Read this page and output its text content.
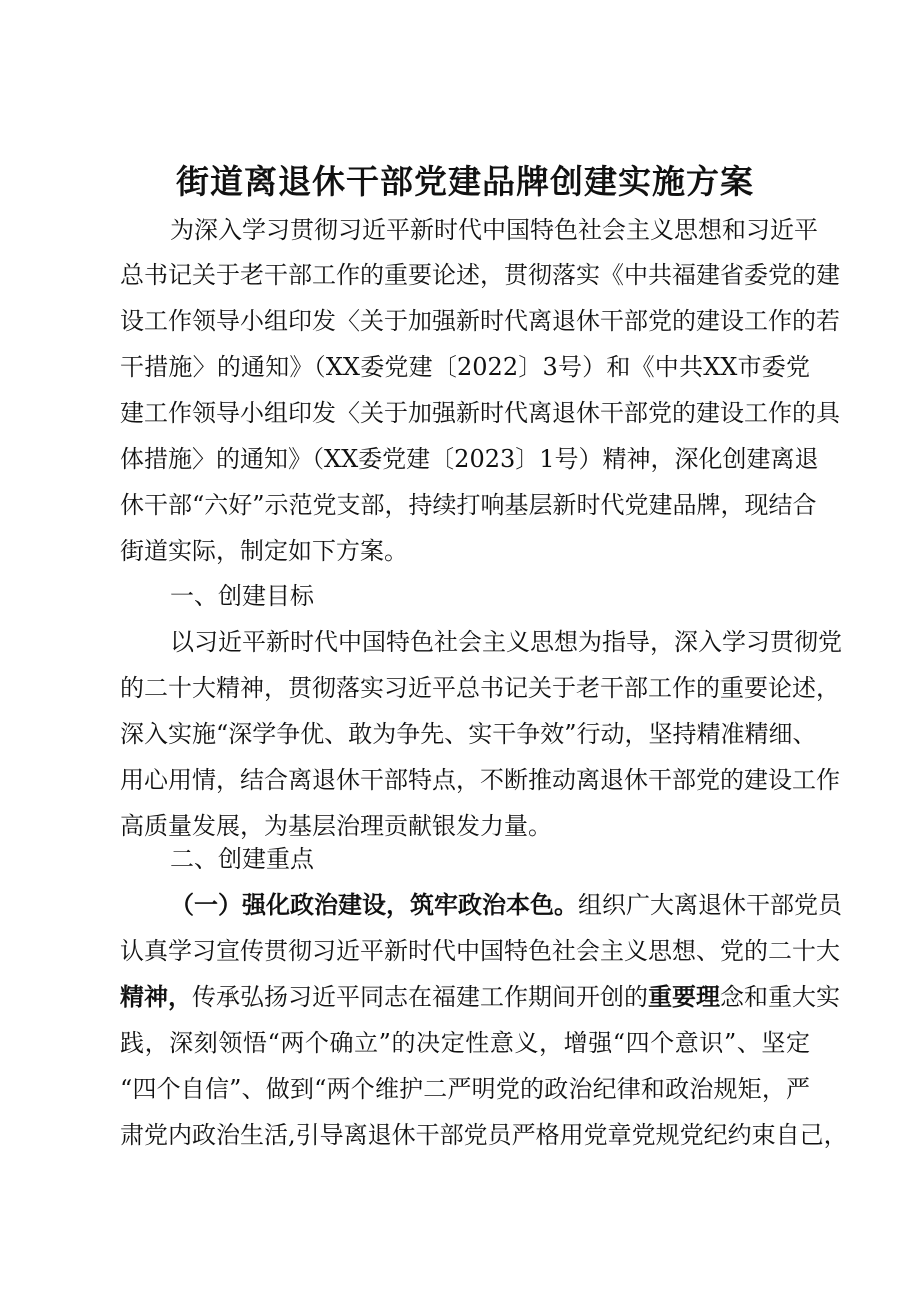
街道离退休干部党建品牌创建实施方案
为深入学习贯彻习近平新时代中国特色社会主义思想和习近平
总书记关于老干部工作的重要论述，贯彻落实《中共福建省委党的建
设工作领导小组印发〈关于加强新时代离退休干部党的建设工作的若
干措施〉的通知》（XX委党建〔2022〕3号）和《中共XX市委党
建工作领导小组印发〈关于加强新时代离退休干部党的建设工作的具
体措施〉的通知》（XX委党建〔2023〕1号）精神，深化创建离退
休干部“六好”示范党支部，持续打响基层新时代党建品牌，现结合
街道实际，制定如下方案。
一、创建目标
以习近平新时代中国特色社会主义思想为指导，深入学习贯彻党
的二十大精神，贯彻落实习近平总书记关于老干部工作的重要论述，
深入实施“深学争优、敢为争先、实干争效”行动，坚持精准精细、
用心用情，结合离退休干部特点，不断推动离退休干部党的建设工作
高质量发展，为基层治理贡献银发力量。
二、创建重点
（一）强化政治建设，筑牢政治本色。组织广大离退休干部党员
认真学习宣传贯彻习近平新时代中国特色社会主义思想、党的二十大
精神，传承弘扬习近平同志在福建工作期间开创的重要理念和重大实
践，深刻领悟“两个确立”的决定性意义，增强“四个意识”、坚定
“四个自信”、做到“两个维护二严明党的政治纪律和政治规矩，严
肃党内政治生活,引导离退休干部党员严格用党章党规党纪约束自己，
